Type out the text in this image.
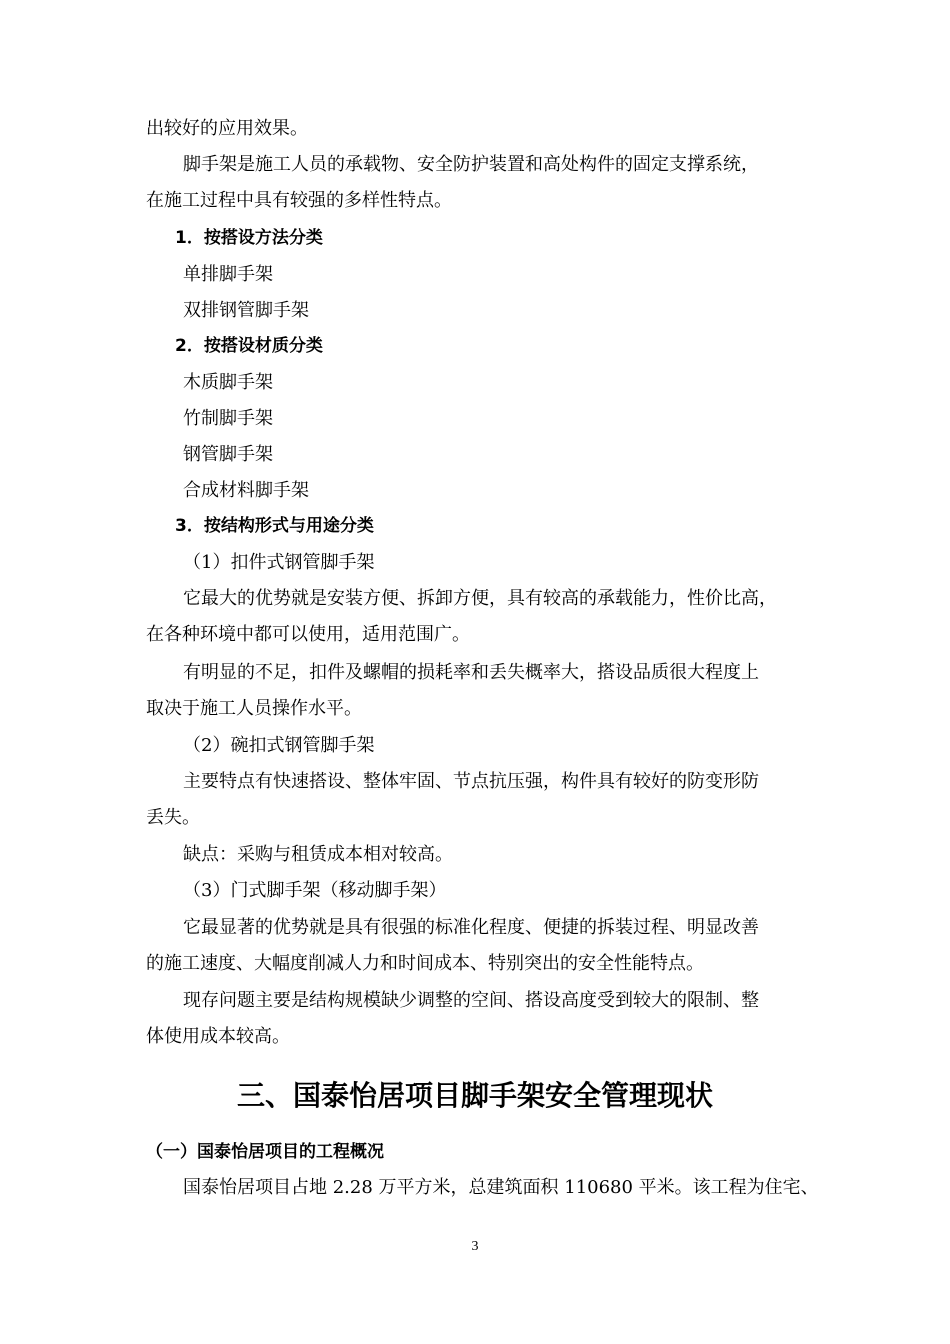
出较好的应用效果。
脚手架是施工人员的承载物、安全防护装置和高处构件的固定支撑系统，
在施工过程中具有较强的多样性特点。
1．按搭设方法分类
单排脚手架
双排钢管脚手架
2．按搭设材质分类
木质脚手架
竹制脚手架
钢管脚手架
合成材料脚手架
3．按结构形式与用途分类
（1）扣件式钢管脚手架
它最大的优势就是安装方便、拆卸方便，具有较高的承载能力，性价比高，
在各种环境中都可以使用，适用范围广。
有明显的不足，扣件及螺帽的损耗率和丢失概率大，搭设品质很大程度上
取决于施工人员操作水平。
（2）碗扣式钢管脚手架
主要特点有快速搭设、整体牢固、节点抗压强，构件具有较好的防变形防
丢失。
缺点：采购与租赁成本相对较高。
（3）门式脚手架（移动脚手架）
它最显著的优势就是具有很强的标准化程度、便捷的拆装过程、明显改善
的施工速度、大幅度削减人力和时间成本、特别突出的安全性能特点。
现存问题主要是结构规模缺少调整的空间、搭设高度受到较大的限制、整
体使用成本较高。
三、国泰怡居项目脚手架安全管理现状
（一）国泰怡居项目的工程概况
国泰怡居项目占地 2.28 万平方米，总建筑面积 110680 平米。该工程为住宅、
3
